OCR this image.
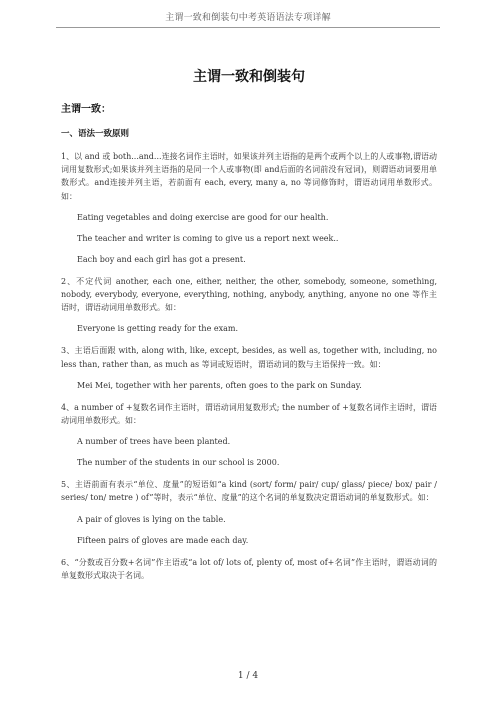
主谓一致和倒装句中考英语语法专项详解
主谓一致和倒装句
主谓一致：
一、语法一致原则
1、以 and 或 both...and...连接名词作主语时，如果该并列主语指的是两个或两个以上的人或事物,谓语动词用复数形式;如果该并列主语指的是同一个人或事物(即 and后面的名词前没有冠词)，则谓语动词要用单数形式。and连接并列主语，若前面有 each, every, many a, no 等词修饰时，谓语动词用单数形式。如：
Eating vegetables and doing exercise are good for our health.
The teacher and writer is coming to give us a report next week..
Each boy and each girl has got a present.
2、不定代词 another, each one, either, neither, the other, somebody, someone, something, nobody, everybody, everyone, everything, nothing, anybody, anything, anyone no one 等作主语时，谓语动词用单数形式。如：
Everyone is getting ready for the exam.
3、主语后面跟 with, along with, like, except, besides, as well as, together with, including, no less than, rather than, as much as 等词或短语时，谓语动词的数与主语保持一致。如：
Mei Mei, together with her parents, often goes to the park on Sunday.
4、a number of +复数名词作主语时，谓语动词用复数形式; the number of +复数名词作主语时，谓语动词用单数形式。如：
A number of trees have been planted.
The number of the students in our school is 2000.
5、主语前面有表示“单位、度量”的短语如“a kind (sort/ form/ pair/ cup/ glass/ piece/ box/ pair / series/ ton/ metre ) of”等时，表示“单位、度量”的这个名词的单复数决定谓语动词的单复数形式。如：
A pair of gloves is lying on the table.
Fifteen pairs of gloves are made each day.
6、“分数或百分数+名词”作主语或“a lot of/ lots of, plenty of, most of+名词”作主语时，谓语动词的单复数形式取决于名词。
1 / 4
